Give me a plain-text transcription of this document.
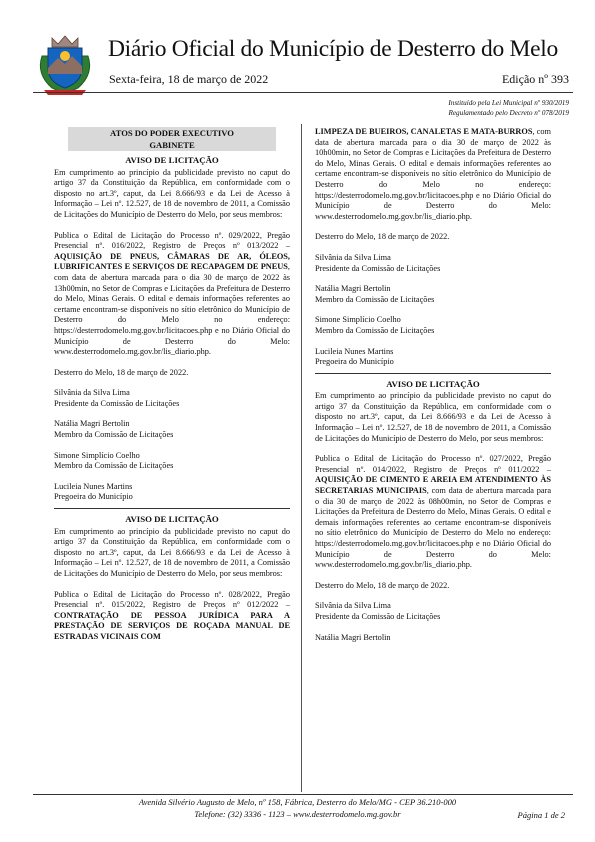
Diário Oficial do Município de Desterro do Melo
Sexta-feira, 18 de março de 2022	Edição nº 393
Instituído pela Lei Municipal nº 930/2019
Regulamentado pelo Decreto nº 078/2019
ATOS DO PODER EXECUTIVO
GABINETE
AVISO DE LICITAÇÃO

Em cumprimento ao princípio da publicidade previsto no caput do artigo 37 da Constituição da República, em conformidade com o disposto no art.3º, caput, da Lei 8.666/93 e da Lei de Acesso à Informação – Lei nº. 12.527, de 18 de novembro de 2011, a Comissão de Licitações do Município de Desterro do Melo, por seus membros:

Publica o Edital de Licitação do Processo nº. 029/2022, Pregão Presencial nº. 016/2022, Registro de Preços nº 013/2022 – AQUISIÇÃO DE PNEUS, CÂMARAS DE AR, ÓLEOS, LUBRIFICANTES E SERVIÇOS DE RECAPAGEM DE PNEUS, com data de abertura marcada para o dia 30 de março de 2022 às 13h00min, no Setor de Compras e Licitações da Prefeitura de Desterro do Melo, Minas Gerais. O edital e demais informações referentes ao certame encontram-se disponíveis no sítio eletrônico do Município de Desterro do Melo no endereço: https://desterrodomelo.mg.gov.br/licitacoes.php e no Diário Oficial do Município de Desterro do Melo: www.desterrodomelo.mg.gov.br/lis_diario.php.

Desterro do Melo, 18 de março de 2022.

Silvânia da Silva Lima
Presidente da Comissão de Licitações
Natália Magri Bertolin
Membro da Comissão de Licitações
Simone Simplício Coelho
Membro da Comissão de Licitações
Lucileia Nunes Martins
Pregoeira do Município
AVISO DE LICITAÇÃO

Em cumprimento ao princípio da publicidade previsto no caput do artigo 37 da Constituição da República, em conformidade com o disposto no art.3º, caput, da Lei 8.666/93 e da Lei de Acesso à Informação – Lei nº. 12.527, de 18 de novembro de 2011, a Comissão de Licitações do Município de Desterro do Melo, por seus membros:

Publica o Edital de Licitação do Processo nº. 028/2022, Pregão Presencial nº. 015/2022, Registro de Preços nº 012/2022 – CONTRATAÇÃO DE PESSOA JURÍDICA PARA A PRESTAÇÃO DE SERVIÇOS DE ROÇADA MANUAL DE ESTRADAS VICINAIS COM

LIMPEZA DE BUEIROS, CANALETAS E MATA-BURROS, com data de abertura marcada para o dia 30 de março de 2022 às 10h00min, no Setor de Compras e Licitações da Prefeitura de Desterro do Melo, Minas Gerais. O edital e demais informações referentes ao certame encontram-se disponíveis no sítio eletrônico do Município de Desterro do Melo no endereço: https://desterrodomelo.mg.gov.br/licitacoes.php e no Diário Oficial do Município de Desterro do Melo: www.desterrodomelo.mg.gov.br/lis_diario.php.

Desterro do Melo, 18 de março de 2022.

Silvânia da Silva Lima
Presidente da Comissão de Licitações
Natália Magri Bertolin
Membro da Comissão de Licitações
Simone Simplício Coelho
Membro da Comissão de Licitações
Lucileia Nunes Martins
Pregoeira do Município
AVISO DE LICITAÇÃO

Em cumprimento ao princípio da publicidade previsto no caput do artigo 37 da Constituição da República, em conformidade com o disposto no art.3º, caput, da Lei 8.666/93 e da Lei de Acesso à Informação – Lei nº. 12.527, de 18 de novembro de 2011, a Comissão de Licitações do Município de Desterro do Melo, por seus membros:

Publica o Edital de Licitação do Processo nº. 027/2022, Pregão Presencial nº. 014/2022, Registro de Preços nº 011/2022 – AQUISIÇÃO DE CIMENTO E AREIA EM ATENDIMENTO ÀS SECRETARIAS MUNICIPAIS, com data de abertura marcada para o dia 30 de março de 2022 às 08h00min, no Setor de Compras e Licitações da Prefeitura de Desterro do Melo, Minas Gerais. O edital e demais informações referentes ao certame encontram-se disponíveis no sítio eletrônico do Município de Desterro do Melo no endereço: https://desterrodomelo.mg.gov.br/licitacoes.php e no Diário Oficial do Município de Desterro do Melo: www.desterrodomelo.mg.gov.br/lis_diario.php.

Desterro do Melo, 18 de março de 2022.

Silvânia da Silva Lima
Presidente da Comissão de Licitações
Natália Magri Bertolin
Avenida Silvério Augusto de Melo, nº 158, Fábrica, Desterro do Melo/MG - CEP 36.210-000
Telefone: (32) 3336 - 1123 – www.desterrodomelo.mg.gov.br	Página 1 de 2
